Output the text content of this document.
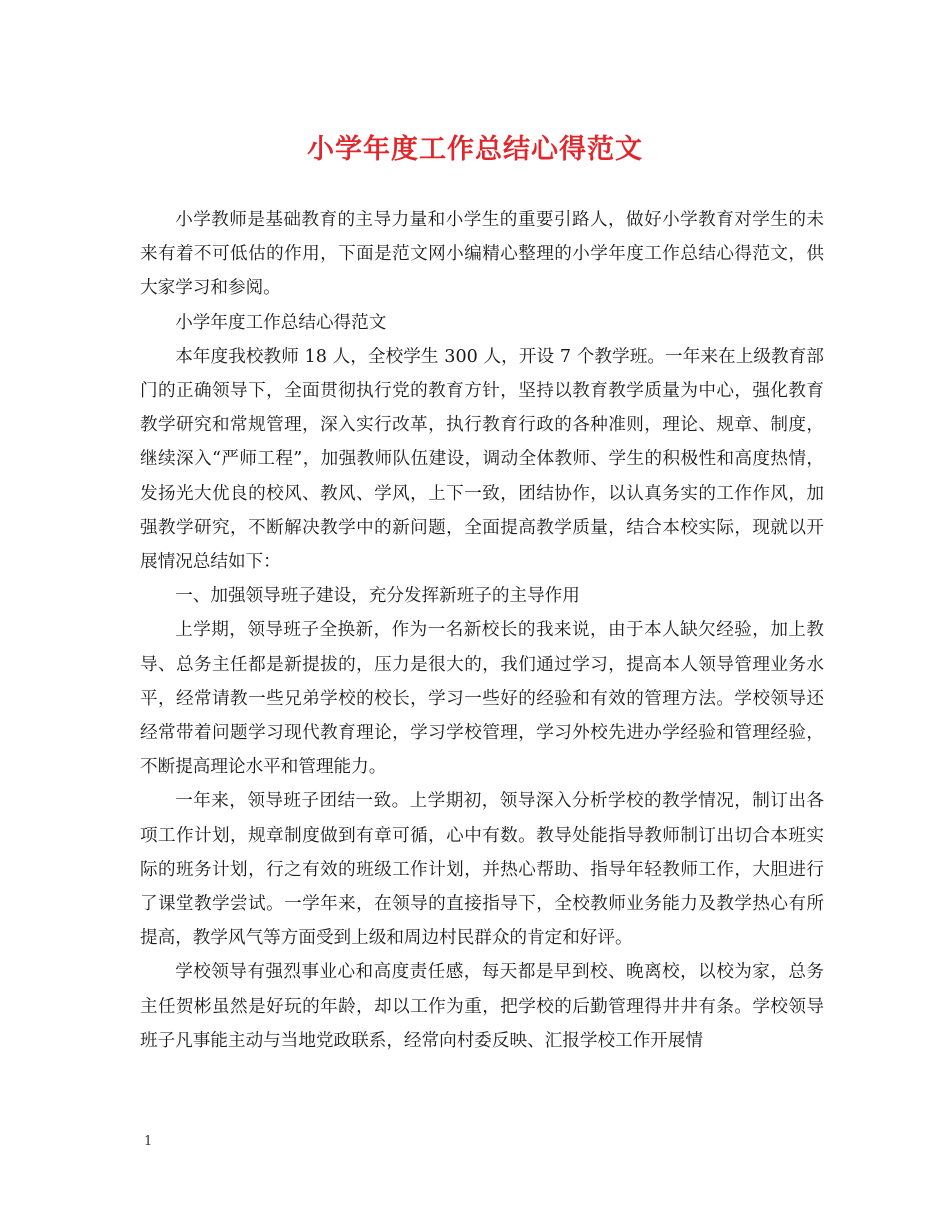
小学年度工作总结心得范文

小学教师是基础教育的主导力量和小学生的重要引路人，做好小学教育对学生的未来有着不可低估的作用，下面是范文网小编精心整理的小学年度工作总结心得范文，供大家学习和参阅。

小学年度工作总结心得范文

本年度我校教师 18 人，全校学生 300 人，开设 7 个教学班。一年来在上级教育部门的正确领导下，全面贯彻执行党的教育方针，坚持以教育教学质量为中心，强化教育教学研究和常规管理，深入实行改革，执行教育行政的各种准则，理论、规章、制度，继续深入“严师工程”，加强教师队伍建设，调动全体教师、学生的积极性和高度热情，发扬光大优良的校风、教风、学风，上下一致，团结协作，以认真务实的工作作风，加强教学研究，不断解决教学中的新问题，全面提高教学质量，结合本校实际，现就以开展情况总结如下：

一、加强领导班子建设，充分发挥新班子的主导作用

上学期，领导班子全换新，作为一名新校长的我来说，由于本人缺欠经验，加上教导、总务主任都是新提拔的，压力是很大的，我们通过学习，提高本人领导管理业务水平，经常请教一些兄弟学校的校长，学习一些好的经验和有效的管理方法。学校领导还经常带着问题学习现代教育理论，学习学校管理，学习外校先进办学经验和管理经验，不断提高理论水平和管理能力。

一年来，领导班子团结一致。上学期初，领导深入分析学校的教学情况，制订出各项工作计划，规章制度做到有章可循，心中有数。教导处能指导教师制订出切合本班实际的班务计划，行之有效的班级工作计划，并热心帮助、指导年轻教师工作，大胆进行了课堂教学尝试。一学年来，在领导的直接指导下，全校教师业务能力及教学热心有所提高，教学风气等方面受到上级和周边村民群众的肯定和好评。

学校领导有强烈事业心和高度责任感，每天都是早到校、晚离校，以校为家，总务主任贺彬虽然是好玩的年龄，却以工作为重，把学校的后勤管理得井井有条。学校领导班子凡事能主动与当地党政联系，经常向村委反映、汇报学校工作开展情

1
